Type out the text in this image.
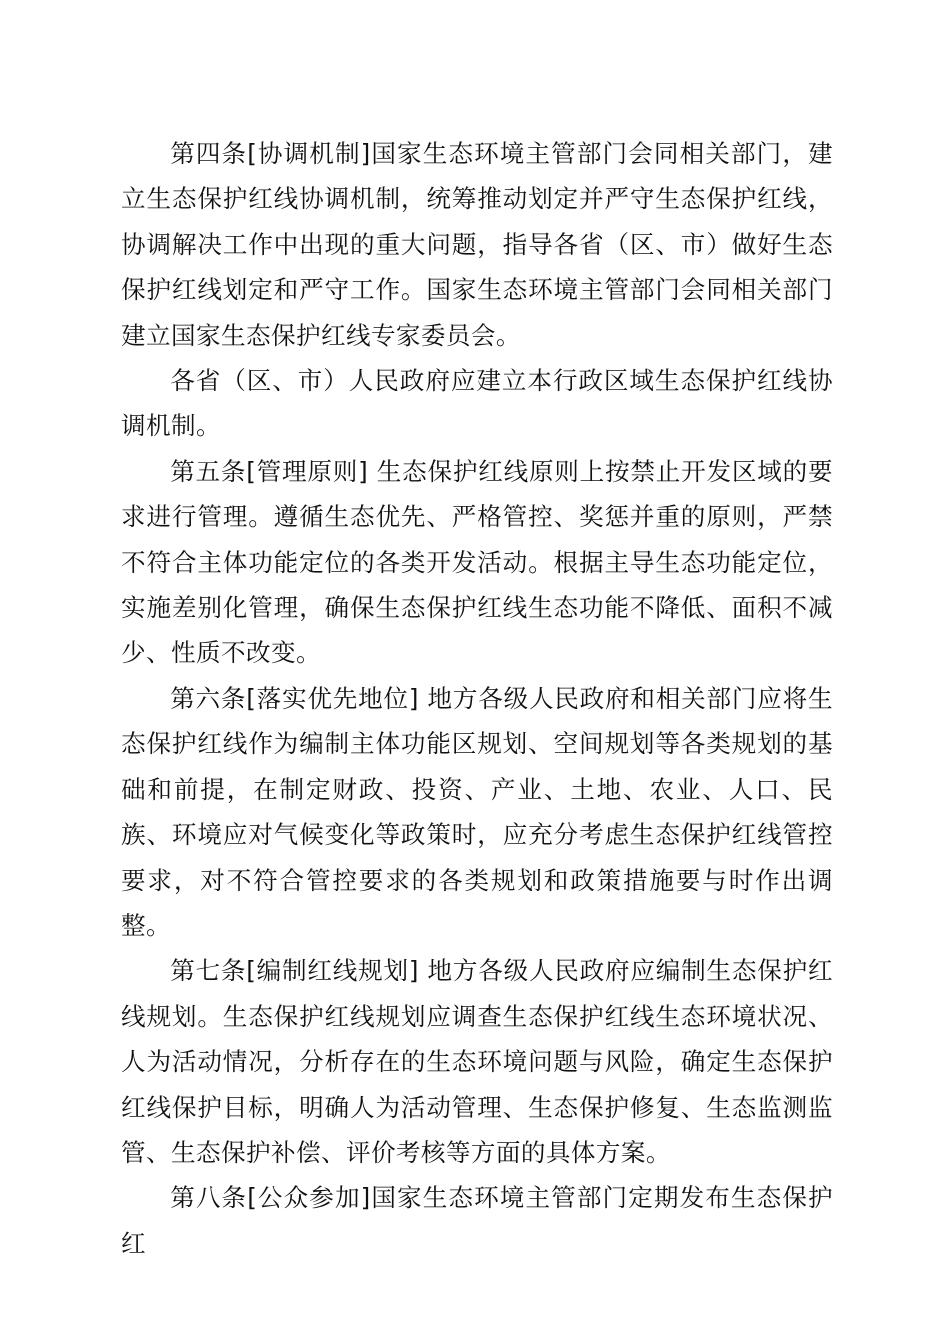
第四条[协调机制]国家生态环境主管部门会同相关部门，建立生态保护红线协调机制，统筹推动划定并严守生态保护红线，协调解决工作中出现的重大问题，指导各省（区、市）做好生态保护红线划定和严守工作。国家生态环境主管部门会同相关部门建立国家生态保护红线专家委员会。

各省（区、市）人民政府应建立本行政区域生态保护红线协调机制。

第五条[管理原则] 生态保护红线原则上按禁止开发区域的要求进行管理。遵循生态优先、严格管控、奖惩并重的原则，严禁不符合主体功能定位的各类开发活动。根据主导生态功能定位，实施差别化管理，确保生态保护红线生态功能不降低、面积不减少、性质不改变。

第六条[落实优先地位] 地方各级人民政府和相关部门应将生态保护红线作为编制主体功能区规划、空间规划等各类规划的基础和前提，在制定财政、投资、产业、土地、农业、人口、民族、环境应对气候变化等政策时，应充分考虑生态保护红线管控要求，对不符合管控要求的各类规划和政策措施要与时作出调整。

第七条[编制红线规划] 地方各级人民政府应编制生态保护红线规划。生态保护红线规划应调查生态保护红线生态环境状况、人为活动情况，分析存在的生态环境问题与风险，确定生态保护红线保护目标，明确人为活动管理、生态保护修复、生态监测监管、生态保护补偿、评价考核等方面的具体方案。

第八条[公众参加]国家生态环境主管部门定期发布生态保护红
